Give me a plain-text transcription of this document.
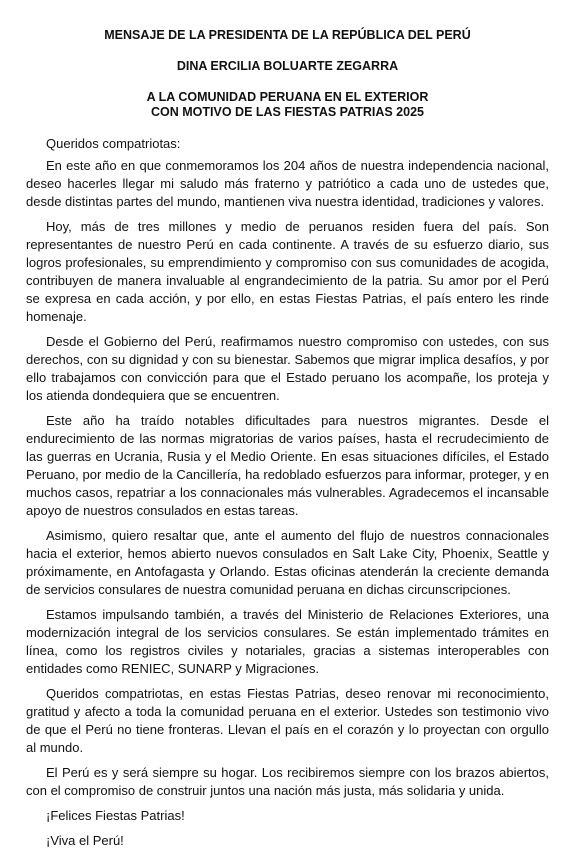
MENSAJE DE LA PRESIDENTA DE LA REPÚBLICA DEL PERÚ

DINA ERCILIA BOLUARTE ZEGARRA

A LA COMUNIDAD PERUANA EN EL EXTERIOR

CON MOTIVO DE LAS FIESTAS PATRIAS 2025

Queridos compatriotas:

En este año en que conmemoramos los 204 años de nuestra independencia nacional, deseo hacerles llegar mi saludo más fraterno y patriótico a cada uno de ustedes que, desde distintas partes del mundo, mantienen viva nuestra identidad, tradiciones y valores.

Hoy, más de tres millones y medio de peruanos residen fuera del país. Son representantes de nuestro Perú en cada continente. A través de su esfuerzo diario, sus logros profesionales, su emprendimiento y compromiso con sus comunidades de acogida, contribuyen de manera invaluable al engrandecimiento de la patria. Su amor por el Perú se expresa en cada acción, y por ello, en estas Fiestas Patrias, el país entero les rinde homenaje.

Desde el Gobierno del Perú, reafirmamos nuestro compromiso con ustedes, con sus derechos, con su dignidad y con su bienestar. Sabemos que migrar implica desafíos, y por ello trabajamos con convicción para que el Estado peruano los acompañe, los proteja y los atienda dondequiera que se encuentren.

Este año ha traído notables dificultades para nuestros migrantes. Desde el endurecimiento de las normas migratorias de varios países, hasta el recrudecimiento de las guerras en Ucrania, Rusia y el Medio Oriente. En esas situaciones difíciles, el Estado Peruano, por medio de la Cancillería, ha redoblado esfuerzos para informar, proteger, y en muchos casos, repatriar a los connacionales más vulnerables. Agradecemos el incansable apoyo de nuestros consulados en estas tareas.

Asimismo, quiero resaltar que, ante el aumento del flujo de nuestros connacionales hacia el exterior, hemos abierto nuevos consulados en Salt Lake City, Phoenix, Seattle y próximamente, en Antofagasta y Orlando. Estas oficinas atenderán la creciente demanda de servicios consulares de nuestra comunidad peruana en dichas circunscripciones.

Estamos impulsando también, a través del Ministerio de Relaciones Exteriores, una modernización integral de los servicios consulares. Se están implementado trámites en línea, como los registros civiles y notariales, gracias a sistemas interoperables con entidades como RENIEC, SUNARP y Migraciones.

Queridos compatriotas, en estas Fiestas Patrias, deseo renovar mi reconocimiento, gratitud y afecto a toda la comunidad peruana en el exterior. Ustedes son testimonio vivo de que el Perú no tiene fronteras. Llevan el país en el corazón y lo proyectan con orgullo al mundo.

El Perú es y será siempre su hogar. Los recibiremos siempre con los brazos abiertos, con el compromiso de construir juntos una nación más justa, más solidaria y unida.

¡Felices Fiestas Patrias!

¡Viva el Perú!
